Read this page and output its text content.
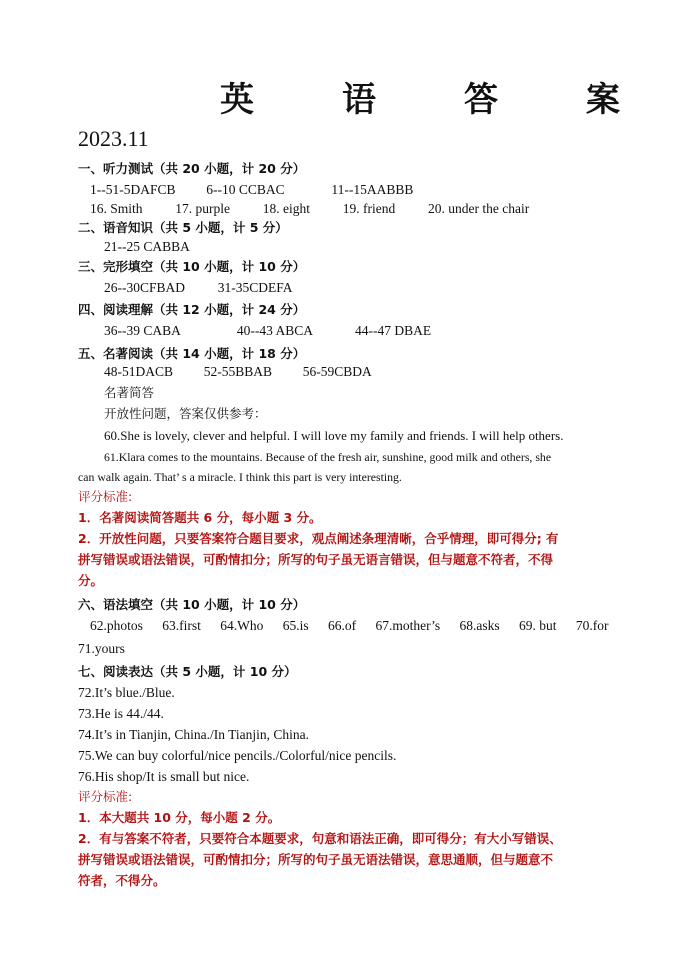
英	语	答	案
2023.11
一、听力测试（共 20 小题，计 20 分）
1--51-5DAFCB 6--10 CCBAC	11--15AABBB
16. Smith 17. purple 18. eight 19. friend 20. under the chair
二、语音知识（共 5 小题，计 5 分）
21--25 CABBA
三、完形填空（共 10 小题，计 10 分）
26--30CFBAD 31-35CDEFA
四、阅读理解（共 12 小题，计 24 分）
36--39 CABA	40--43 ABCA	44--47 DBAE
五、名著阅读（共 14 小题，计 18 分）
48-51DACB 52-55BBAB 56-59CBDA
名著简答
开放性问题，答案仅供参考：
60.She is lovely, clever and helpful. I will love my family and friends. I will help others.
61.Klara comes to the mountains. Because of the fresh air, sunshine, good milk and others, she
can walk again. That’ s a miracle. I think this part is very interesting.
评分标准:
1．名著阅读简答题共 6 分，每小题 3 分。
2．开放性问题，只要答案符合题目要求，观点阐述条理清晰，合乎情理，即可得分; 有
拼写错误或语法错误，可酌情扣分；所写的句子虽无语言错误，但与题意不符者，不得
分。
六、语法填空（共 10 小题，计 10 分）
62.photos 63.first 64.Who 65.is 66.of 67.mother’s 68.asks 69. but 70.for
71.yours
七、阅读表达（共 5 小题，计 10 分）
72.It’s blue./Blue.
73.He is 44./44.
74.It’s in Tianjin, China./In Tianjin, China.
75.We can buy colorful/nice pencils./Colorful/nice pencils.
76.His shop/It is small but nice.
评分标准:
1．本大题共 10 分，每小题 2 分。
2．有与答案不符者，只要符合本题要求，句意和语法正确，即可得分；有大小写错误、
拼写错误或语法错误，可酌情扣分；所写的句子虽无语法错误，意思通顺，但与题意不
符者，不得分。
